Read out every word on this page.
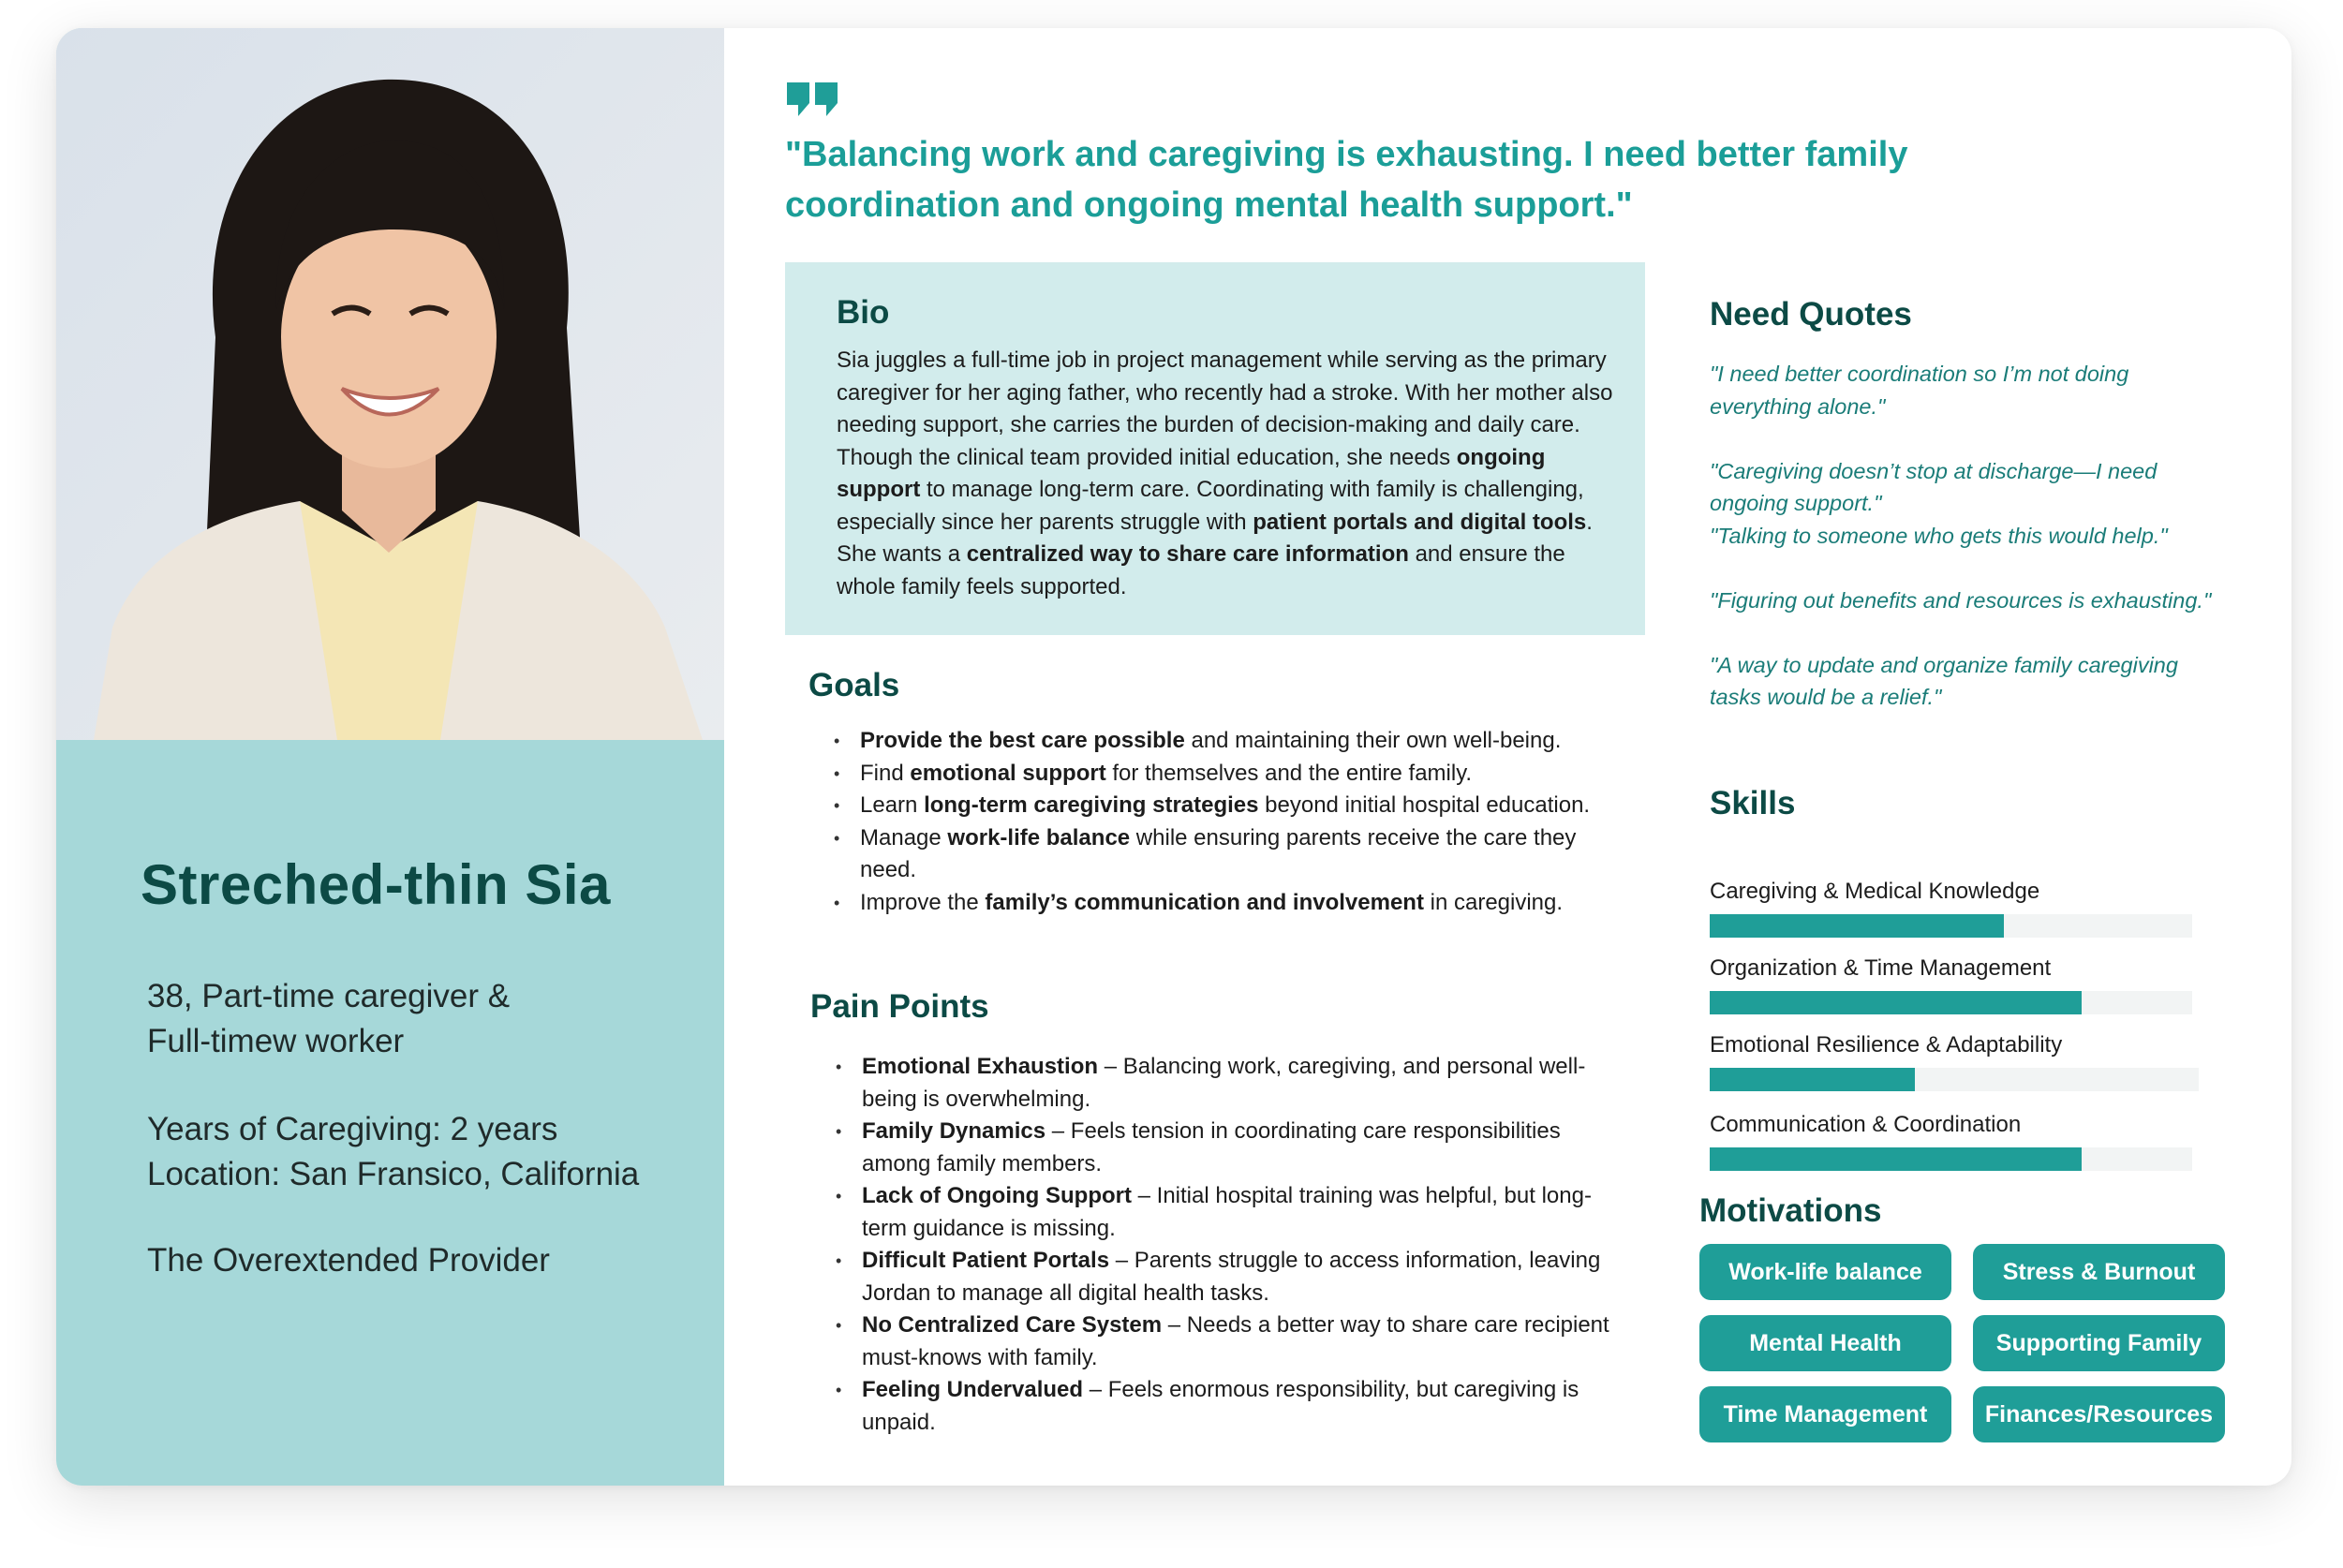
Streched-thin Sia
38, Part-time caregiver &
Full-timew worker
Years of Caregiving: 2 years
Location: San Fransico, California
The Overextended Provider
"Balancing work and caregiving is exhausting. I need better family coordination and ongoing mental health support."
Bio
Sia juggles a full-time job in project management while serving as the primary caregiver for her aging father, who recently had a stroke. With her mother also needing support, she carries the burden of decision-making and daily care. Though the clinical team provided initial education, she needs ongoing support to manage long-term care. Coordinating with family is challenging, especially since her parents struggle with patient portals and digital tools. She wants a centralized way to share care information and ensure the whole family feels supported.
Goals
• Provide the best care possible and maintaining their own well-being.
• Find emotional support for themselves and the entire family.
• Learn long-term caregiving strategies beyond initial hospital education.
• Manage work-life balance while ensuring parents receive the care they need.
• Improve the family’s communication and involvement in caregiving.
Pain Points
• Emotional Exhaustion – Balancing work, caregiving, and personal well-being is overwhelming.
• Family Dynamics – Feels tension in coordinating care responsibilities among family members.
• Lack of Ongoing Support – Initial hospital training was helpful, but long-term guidance is missing.
• Difficult Patient Portals – Parents struggle to access information, leaving Jordan to manage all digital health tasks.
• No Centralized Care System – Needs a better way to share care recipient must-knows with family.
• Feeling Undervalued – Feels enormous responsibility, but caregiving is unpaid.
Need Quotes
"I need better coordination so I’m not doing everything alone."
"Caregiving doesn’t stop at discharge—I need ongoing support."
"Talking to someone who gets this would help."
"Figuring out benefits and resources is exhausting."
"A way to update and organize family caregiving tasks would be a relief."
Skills
Caregiving & Medical Knowledge
Organization & Time Management
Emotional Resilience & Adaptability
Communication & Coordination
Motivations
Work-life balance	Stress & Burnout
Mental Health	Supporting Family
Time Management	Finances/Resources
